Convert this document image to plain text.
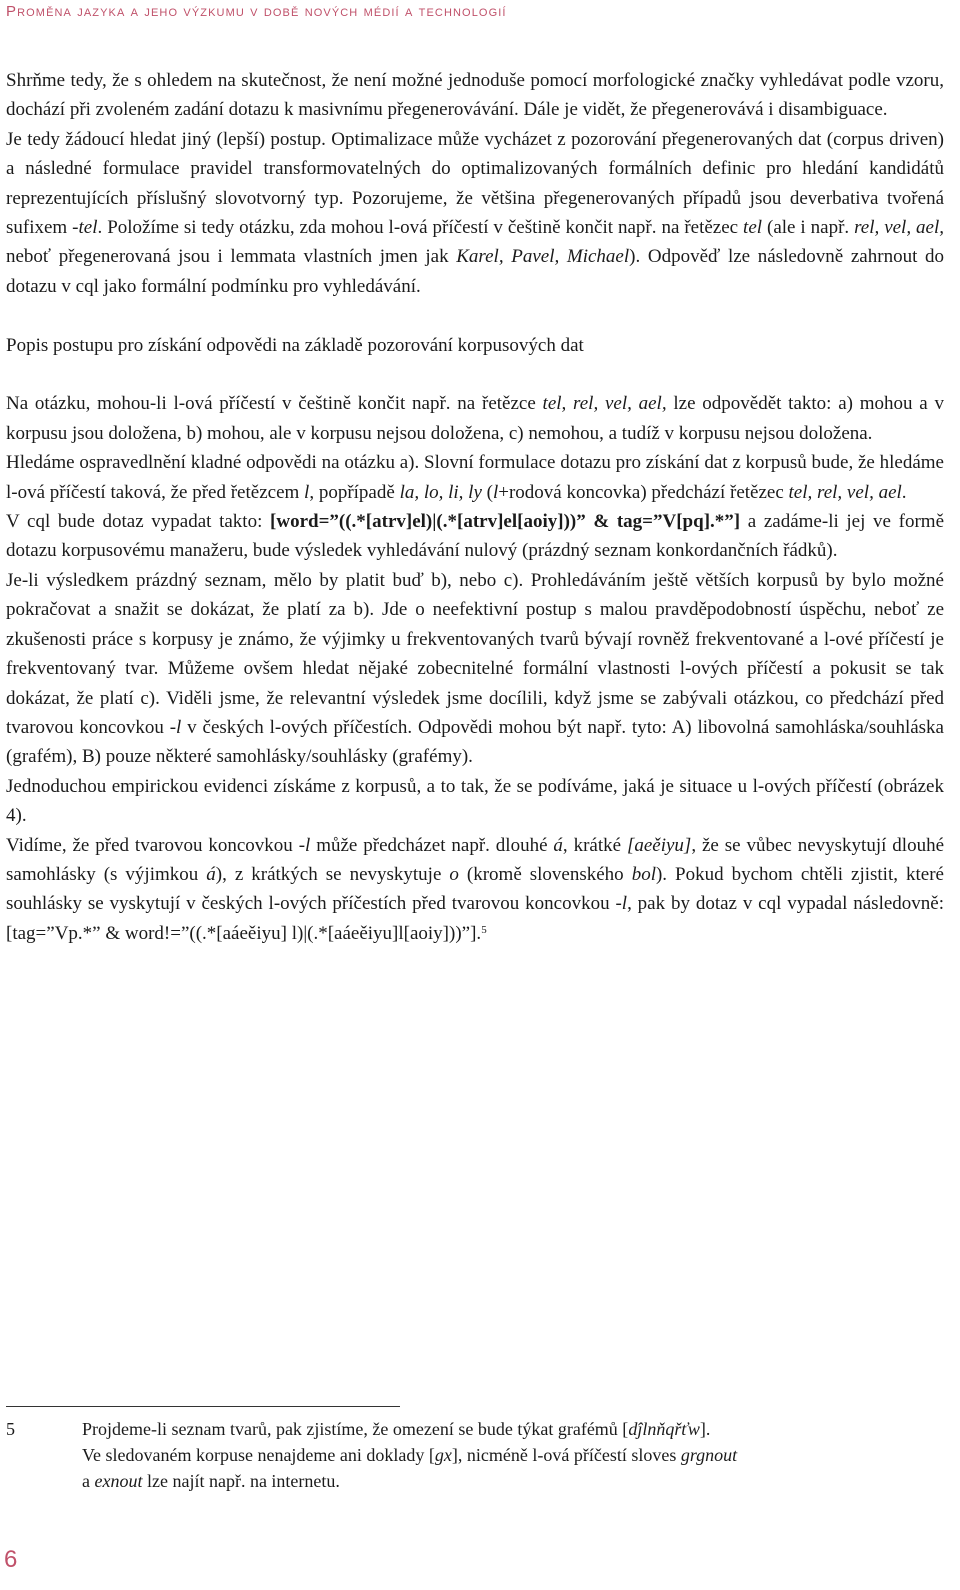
Proměna jazyka a jeho výzkumu v době nových médií a technologií

Shrňme tedy, že s ohledem na skutečnost, že není možné jednoduše pomocí morfologické značky vyhledávat podle vzoru, dochází při zvoleném zadání dotazu k masivnímu přegenerovávání. Dále je vidět, že přegenerovává i disambiguace.

Je tedy žádoucí hledat jiný (lepší) postup. Optimalizace může vycházet z pozorování přegenerovaných dat (corpus driven) a následné formulace pravidel transformovatelných do optimalizovaných formálních definic pro hledání kandidátů reprezentujících příslušný slovotvorný typ. Pozorujeme, že většina přegenerovaných případů jsou deverbativa tvořená sufixem -tel. Položíme si tedy otázku, zda mohou l-ová příčestí v češtině končit např. na řetězec tel (ale i např. rel, vel, ael, neboť přegenerovaná jsou i lemmata vlastních jmen jak Karel, Pavel, Michael). Odpověď lze následovně zahrnout do dotazu v cql jako formální podmínku pro vyhledávání.

Popis postupu pro získání odpovědi na základě pozorování korpusových dat

Na otázku, mohou-li l-ová příčestí v češtině končit např. na řetězce tel, rel, vel, ael, lze odpovědět takto: a) mohou a v korpusu jsou doložena, b) mohou, ale v korpusu nejsou doložena, c) nemohou, a tudíž v korpusu nejsou doložena.

Hledáme ospravedlnění kladné odpovědi na otázku a). Slovní formulace dotazu pro získání dat z korpusů bude, že hledáme l-ová příčestí taková, že před řetězcem l, popřípadě la, lo, li, ly (l+rodová koncovka) předchází řetězec tel, rel, vel, ael.

V cql bude dotaz vypadat takto: [word=”((.*[atrv]el)|(.*[atrv]el[aoiy]))” & tag=”V[pq].*”] a zadáme-li jej ve formě dotazu korpusovému manažeru, bude výsledek vyhledávání nulový (prázdný seznam konkordančních řádků).

Je-li výsledkem prázdný seznam, mělo by platit buď b), nebo c). Prohledáváním ještě větších korpusů by bylo možné pokračovat a snažit se dokázat, že platí za b). Jde o neefektivní postup s malou pravděpodobností úspěchu, neboť ze zkušenosti práce s korpusy je známo, že výjimky u frekventovaných tvarů bývají rovněž frekventované a l-ové příčestí je frekventovaný tvar. Můžeme ovšem hledat nějaké zobecnitelné formální vlastnosti l-ových příčestí a pokusit se tak dokázat, že platí c). Viděli jsme, že relevantní výsledek jsme docílili, když jsme se zabývali otázkou, co předchází před tvarovou koncovkou -l v českých l-ových příčestích. Odpovědi mohou být např. tyto: A) libovolná samohláska/souhláska (grafém), B) pouze některé samohlásky/souhlásky (grafémy).

Jednoduchou empirickou evidenci získáme z korpusů, a to tak, že se podíváme, jaká je situace u l-ových příčestí (obrázek 4).

Vidíme, že před tvarovou koncovkou -l může předcházet např. dlouhé á, krátké [aeěiyu], že se vůbec nevyskytují dlouhé samohlásky (s výjimkou á), z krátkých se nevyskytuje o (kromě slovenského bol). Pokud bychom chtěli zjistit, které souhlásky se vyskytují v českých l-ových příčestích před tvarovou koncovkou -l, pak by dotaz v cql vypadal následovně: [tag=”Vp.*” & word!=”((.*[aáeěiyu] l)|(.*[aáeěiyu]l[aoiy]))”].$^5$

5	Projdeme-li seznam tvarů, pak zjistíme, že omezení se bude týkat grafémů [dĵlnňqřťw].
Ve sledovaném korpuse nenajdeme ani doklady [gx], nicméně l-ová příčestí sloves grgnout
a exnout lze najít např. na internetu.
6
